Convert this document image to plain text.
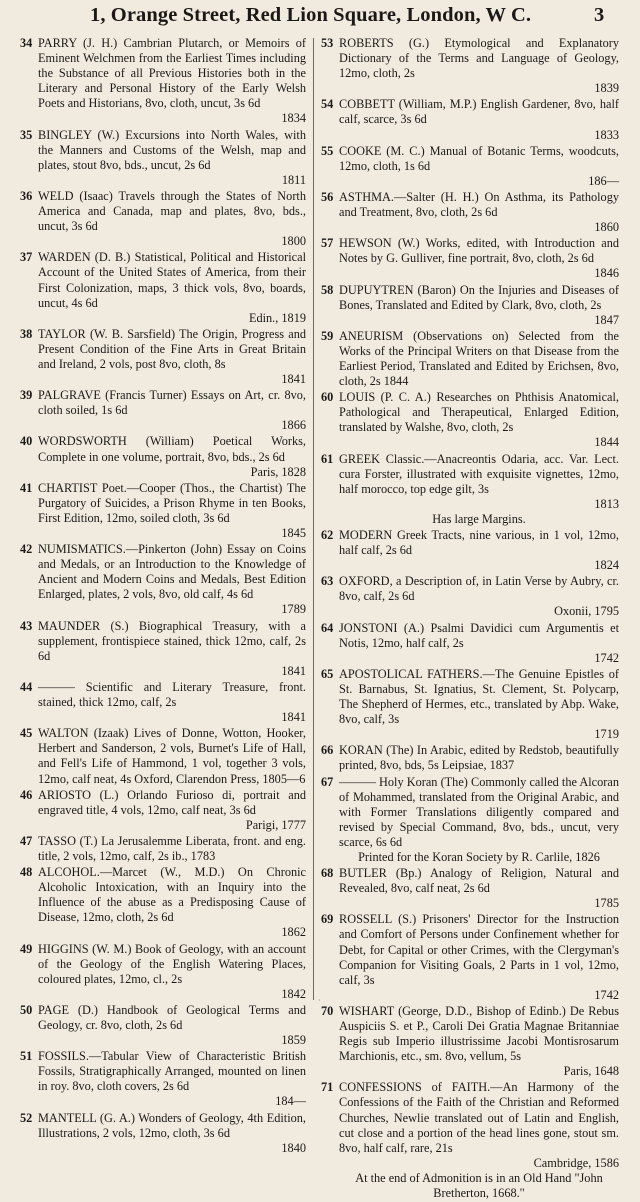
1, Orange Street, Red Lion Square, London, W C.	3
34 PARRY (J. H.) Cambrian Plutarch, or Memoirs of Eminent Welchmen from the Earliest Times including the Substance of all Previous Histories both in the Literary and Personal History of the Early Welsh Poets and Historians, 8vo, cloth, uncut, 3s 6d
1834
35 BINGLEY (W.) Excursions into North Wales, with the Manners and Customs of the Welsh, map and plates, stout 8vo, bds., uncut, 2s 6d
1811
36 WELD (Isaac) Travels through the States of North America and Canada, map and plates, 8vo, bds., uncut, 3s 6d
1800
37 WARDEN (D. B.) Statistical, Political and Historical Account of the United States of America, from their First Colonization, maps, 3 thick vols, 8vo, boards, uncut, 4s 6d
Edin., 1819
38 TAYLOR (W. B. Sarsfield) The Origin, Progress and Present Condition of the Fine Arts in Great Britain and Ireland, 2 vols, post 8vo, cloth, 8s
1841
39 PALGRAVE (Francis Turner) Essays on Art, cr. 8vo, cloth soiled, 1s 6d
1866
40 WORDSWORTH (William) Poetical Works, Complete in one volume, portrait, 8vo, bds., 2s 6d
Paris, 1828
41 CHARTIST Poet.—Cooper (Thos., the Chartist) The Purgatory of Suicides, a Prison Rhyme in ten Books, First Edition, 12mo, soiled cloth, 3s 6d
1845
42 NUMISMATICS.—Pinkerton (John) Essay on Coins and Medals, or an Introduction to the Knowledge of Ancient and Modern Coins and Medals, Best Edition Enlarged, plates, 2 vols, 8vo, old calf, 4s 6d
1789
43 MAUNDER (S.) Biographical Treasury, with a supplement, frontispiece stained, thick 12mo, calf, 2s 6d
1841
44 ——— Scientific and Literary Treasure, front. stained, thick 12mo, calf, 2s
1841
45 WALTON (Izaak) Lives of Donne, Wotton, Hooker, Herbert and Sanderson, 2 vols, Burnet's Life of Hall, and Fell's Life of Hammond, 1 vol, together 3 vols, 12mo, calf neat, 4s Oxford, Clarendon Press, 1805—6
46 ARIOSTO (L.) Orlando Furioso di, portrait and engraved title, 4 vols, 12mo, calf neat, 3s 6d
Parigi, 1777
47 TASSO (T.) La Jerusalemme Liberata, front. and eng. title, 2 vols, 12mo, calf, 2s ib., 1783
48 ALCOHOL.—Marcet (W., M.D.) On Chronic Alcoholic Intoxication, with an Inquiry into the Influence of the abuse as a Predisposing Cause of Disease, 12mo, cloth, 2s 6d
1862
49 HIGGINS (W. M.) Book of Geology, with an account of the Geology of the English Watering Places, coloured plates, 12mo, cl., 2s
1842
50 PAGE (D.) Handbook of Geological Terms and Geology, cr. 8vo, cloth, 2s 6d
1859
51 FOSSILS.—Tabular View of Characteristic British Fossils, Stratigraphically Arranged, mounted on linen in roy. 8vo, cloth covers, 2s 6d
184—
52 MANTELL (G. A.) Wonders of Geology, 4th Edition, Illustrations, 2 vols, 12mo, cloth, 3s 6d
1840
53 ROBERTS (G.) Etymological and Explanatory Dictionary of the Terms and Language of Geology, 12mo, cloth, 2s
1839
54 COBBETT (William, M.P.) English Gardener, 8vo, half calf, scarce, 3s 6d
1833
55 COOKE (M. C.) Manual of Botanic Terms, woodcuts, 12mo, cloth, 1s 6d
186—
56 ASTHMA.—Salter (H. H.) On Asthma, its Pathology and Treatment, 8vo, cloth, 2s 6d
1860
57 HEWSON (W.) Works, edited, with Introduction and Notes by G. Gulliver, fine portrait, 8vo, cloth, 2s 6d
1846
58 DUPUYTREN (Baron) On the Injuries and Diseases of Bones, Translated and Edited by Clark, 8vo, cloth, 2s
1847
59 ANEURISM (Observations on) Selected from the Works of the Principal Writers on that Disease from the Earliest Period, Translated and Edited by Erichsen, 8vo, cloth, 2s 1844
60 LOUIS (P. C. A.) Researches on Phthisis Anatomical, Pathological and Therapeutical, Enlarged Edition, translated by Walshe, 8vo, cloth, 2s
1844
61 GREEK Classic.—Anacreontis Odaria, acc. Var. Lect. cura Forster, illustrated with exquisite vignettes, 12mo, half morocco, top edge gilt, 3s
1813
Has large Margins.
62 MODERN Greek Tracts, nine various, in 1 vol, 12mo, half calf, 2s 6d
1824
63 OXFORD, a Description of, in Latin Verse by Aubry, cr. 8vo, calf, 2s 6d
Oxonii, 1795
64 JONSTONI (A.) Psalmi Davidici cum Argumentis et Notis, 12mo, half calf, 2s
1742
65 APOSTOLICAL FATHERS.—The Genuine Epistles of St. Barnabus, St. Ignatius, St. Clement, St. Polycarp, The Shepherd of Hermes, etc., translated by Abp. Wake, 8vo, calf, 3s
1719
66 KORAN (The) In Arabic, edited by Redstob, beautifully printed, 8vo, bds, 5s Leipsiae, 1837
67 ——— Holy Koran (The) Commonly called the Alcoran of Mohammed, translated from the Original Arabic, and with Former Translations diligently compared and revised by Special Command, 8vo, bds., uncut, very scarce, 6s 6d
Printed for the Koran Society by R. Carlile, 1826
68 BUTLER (Bp.) Analogy of Religion, Natural and Revealed, 8vo, calf neat, 2s 6d
1785
69 ROSSELL (S.) Prisoners' Director for the Instruction and Comfort of Persons under Confinement whether for Debt, for Capital or other Crimes, with the Clergyman's Companion for Visiting Goals, 2 Parts in 1 vol, 12mo, calf, 3s
1742
70 WISHART (George, D.D., Bishop of Edinb.) De Rebus Auspiciis S. et P., Caroli Dei Gratia Magnae Britanniae Regis sub Imperio illustrissime Jacobi Montisrosarum Marchionis, etc., sm. 8vo, vellum, 5s
Paris, 1648
71 CONFESSIONS of FAITH.—An Harmony of the Confessions of the Faith of the Christian and Reformed Churches, Newlie translated out of Latin and English, cut close and a portion of the head lines gone, stout sm. 8vo, half calf, rare, 21s
Cambridge, 1586
At the end of Admonition is in an Old Hand "John Bretherton, 1668."
·
